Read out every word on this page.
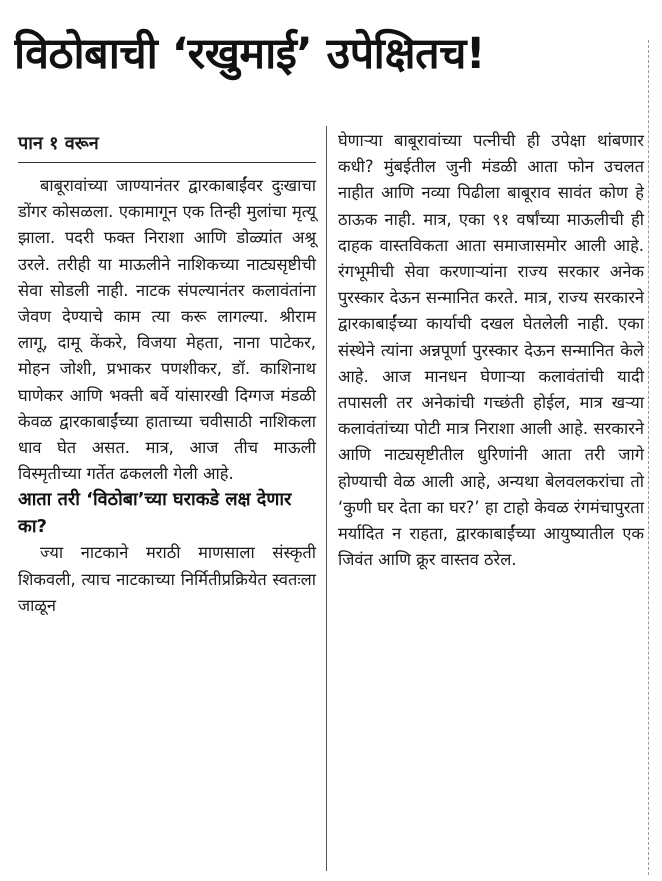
विठोबाची ‘रखुमाई’ उपेक्षितच!
पान १ वरून

बाबूरावांच्या जाण्यानंतर द्वारकाबाईंवर दुःखाचा डोंगर कोसळला. एकामागून एक तिन्ही मुलांचा मृत्यू झाला. पदरी फक्त निराशा आणि डोळ्यांत अश्रू उरले. तरीही या माऊलीने नाशिकच्या नाट्यसृष्टीची सेवा सोडली नाही. नाटक संपल्यानंतर कलावंतांना जेवण देण्याचे काम त्या करू लागल्या. श्रीराम लागू, दामू केंकरे, विजया मेहता, नाना पाटेकर, मोहन जोशी, प्रभाकर पणशीकर, डॉ. काशिनाथ घाणेकर आणि भक्ती बर्वे यांसारखी दिग्गज मंडळी केवळ द्वारकाबाईंच्या हाताच्या चवीसाठी नाशिकला धाव घेत असत. मात्र, आज तीच माऊली विस्मृतीच्या गर्तेत ढकलली गेली आहे.

आता तरी ‘विठोबा’च्या घराकडे लक्ष देणार का?

ज्या नाटकाने मराठी माणसाला संस्कृती शिकवली, त्याच नाटकाच्या निर्मितीप्रक्रियेत स्वतःला जाळून

घेणाऱ्या बाबूरावांच्या पत्नीची ही उपेक्षा थांबणार कधी? मुंबईतील जुनी मंडळी आता फोन उचलत नाहीत आणि नव्या पिढीला बाबूराव सावंत कोण हे ठाऊक नाही. मात्र, एका ९१ वर्षांच्या माऊलीची ही दाहक वास्तविकता आता समाजासमोर आली आहे. रंगभूमीची सेवा करणाऱ्यांना राज्य सरकार अनेक पुरस्कार देऊन सन्मानित करते. मात्र, राज्य सरकारने द्वारकाबाईंच्या कार्याची दखल घेतलेली नाही. एका संस्थेने त्यांना अन्नपूर्णा पुरस्कार देऊन सन्मानित केले आहे. आज मानधन घेणाऱ्या कलावंतांची यादी तपासली तर अनेकांची गच्छंती होईल, मात्र खऱ्या कलावंतांच्या पोटी मात्र निराशा आली आहे. सरकारने आणि नाट्यसृष्टीतील धुरिणांनी आता तरी जागे होण्याची वेळ आली आहे, अन्यथा बेलवलकरांचा तो ‘कुणी घर देता का घर?’ हा टाहो केवळ रंगमंचापुरता मर्यादित न राहता, द्वारकाबाईंच्या आयुष्यातील एक जिवंत आणि क्रूर वास्तव ठरेल.
